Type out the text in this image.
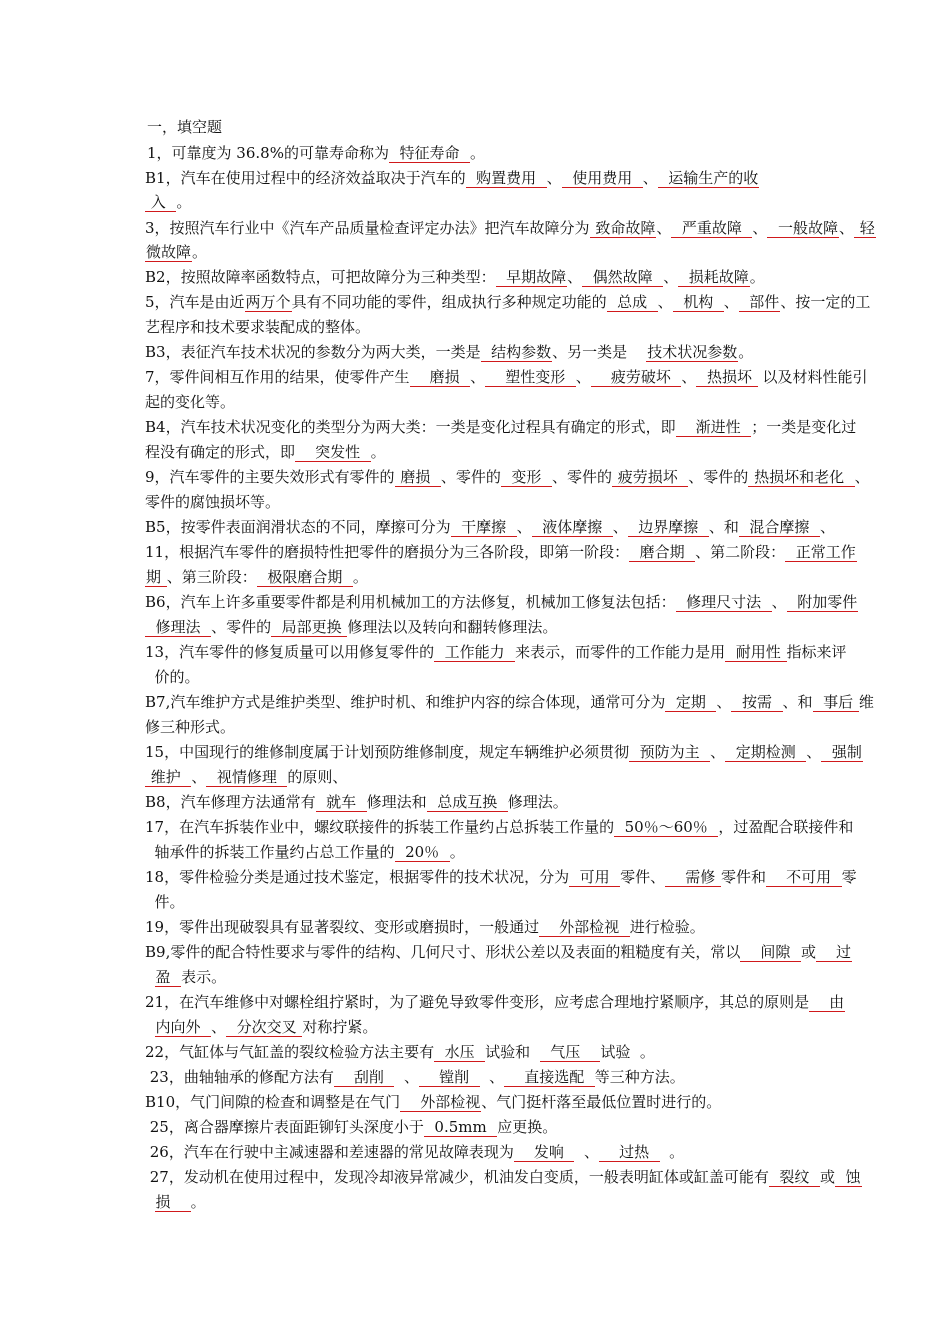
一，填空题
1，可靠度为 36.8%的可靠寿命称为  特征寿命  。
B1，汽车在使用过程中的经济效益取决于汽车的  购置费用  、  使用费用  、  运输生产的收
入  。
3，按照汽车行业中《汽车产品质量检查评定办法》把汽车故障分为 致命故障、  严重故障  、  一般故障、 轻
微故障。
B2，按照故障率函数特点，可把故障分为三种类型：  早期故障、  偶然故障  、  损耗故障。
5，汽车是由近两万个具有不同功能的零件，组成执行多种规定功能的  总成  、  机构  、  部件、按一定的工
艺程序和技术要求装配成的整体。
B3，表征汽车技术状况的参数分为两大类，一类是  结构参数、另一类是    技术状况参数。
7，零件间相互作用的结果，使零件产生    磨损  、    塑性变形  、    疲劳破坏  、  热损坏  以及材料性能引
起的变化等。
B4，汽车技术状况变化的类型分为两大类：一类是变化过程具有确定的形式，即    渐进性  ；一类是变化过
程没有确定的形式，即    突发性  。
9，汽车零件的主要失效形式有零件的 磨损  、零件的  变形  、零件的 疲劳损坏  、零件的 热损坏和老化  、
零件的腐蚀损坏等。
B5，按零件表面润滑状态的不同，摩擦可分为  干摩擦  、  液体摩擦  、  边界摩擦  、和  混合摩擦  、
11，根据汽车零件的磨损特性把零件的磨损分为三各阶段，即第一阶段：  磨合期  、第二阶段：  正常工作
期 、第三阶段：  极限磨合期  。
B6，汽车上许多重要零件都是利用机械加工的方法修复，机械加工修复法包括：  修理尺寸法  、  附加零件
修理法  、零件的  局部更换 修理法以及转向和翻转修理法。
13，汽车零件的修复质量可以用修复零件的  工作能力  来表示，而零件的工作能力是用  耐用性 指标来评
价的。
B7,汽车维护方式是维护类型、维护时机、和维护内容的综合体现，通常可分为  定期  、  按需  、和  事后 维
修三种形式。
15，中国现行的维修制度属于计划预防维修制度，规定车辆维护必须贯彻  预防为主  、  定期检测  、  强制
维护  、  视情修理  的原则、
B8，汽车修理方法通常有  就车  修理法和  总成互换  修理法。
17，在汽车拆装作业中，螺纹联接件的拆装工作量约占总拆装工作量的  50％～60％  ，过盈配合联接件和
轴承件的拆装工作量约占总工作量的  20％  。
18，零件检验分类是通过技术鉴定，根据零件的技术状况，分为  可用  零件、    需修 零件和    不可用  零
件。
19，零件出现破裂具有显著裂纹、变形或磨损时，一般通过    外部检视  进行检验。
B9,零件的配合特性要求与零件的结构、几何尺寸、形状公差以及表面的粗糙度有关，常以    间隙  或    过
盈  表示。
21，在汽车维修中对螺栓组拧紧时，为了避免导致零件变形，应考虑合理地拧紧顺序，其总的原则是    由
内向外  、  分次交叉 对称拧紧。
22，气缸体与气缸盖的裂纹检验方法主要有  水压  试验和    气压    试验  。
23，曲轴轴承的修配方法有    刮削    、    镗削    、    直接选配  等三种方法。
B10，气门间隙的检查和调整是在气门    外部检视、气门挺杆落至最低位置时进行的。
25，离合器摩擦片表面距铆钉头深度小于  0.5mm  应更换。
26，汽车在行驶中主减速器和差速器的常见故障表现为    发响    、    过热    。
27，发动机在使用过程中，发现冷却液异常减少，机油发白变质，一般表明缸体或缸盖可能有  裂纹  或  蚀
损    。
